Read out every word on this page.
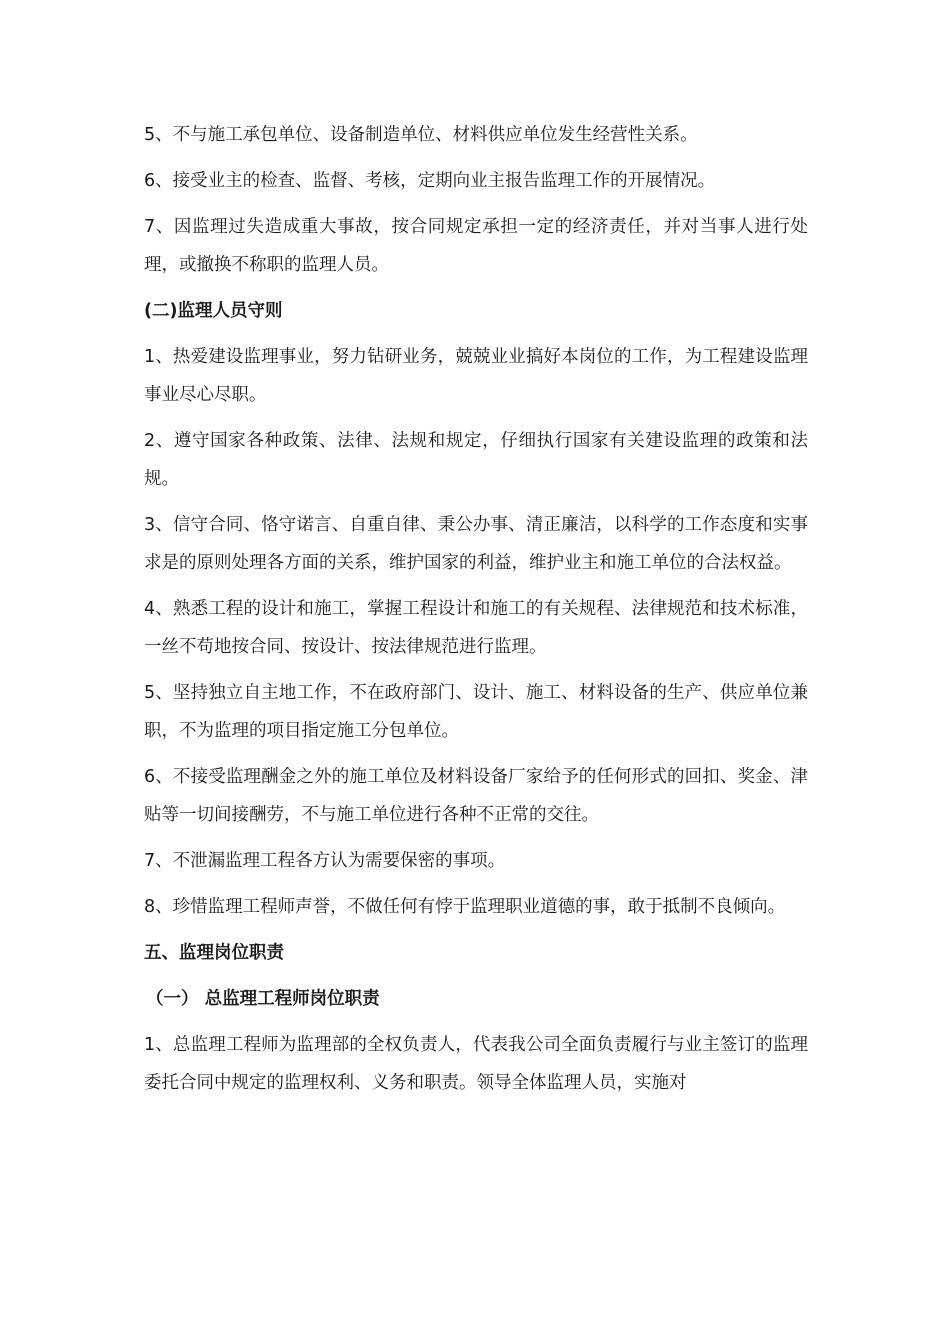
5、不与施工承包单位、设备制造单位、材料供应单位发生经营性关系。

6、接受业主的检查、监督、考核，定期向业主报告监理工作的开展情况。

7、因监理过失造成重大事故，按合同规定承担一定的经济责任，并对当事人进行处理，或撤换不称职的监理人员。

(二)监理人员守则

1、热爱建设监理事业，努力钻研业务，兢兢业业搞好本岗位的工作，为工程建设监理事业尽心尽职。

2、遵守国家各种政策、法律、法规和规定，仔细执行国家有关建设监理的政策和法规。

3、信守合同、恪守诺言、自重自律、秉公办事、清正廉洁，以科学的工作态度和实事求是的原则处理各方面的关系，维护国家的利益，维护业主和施工单位的合法权益。

4、熟悉工程的设计和施工，掌握工程设计和施工的有关规程、法律规范和技术标准，一丝不苟地按合同、按设计、按法律规范进行监理。

5、坚持独立自主地工作，不在政府部门、设计、施工、材料设备的生产、供应单位兼职，不为监理的项目指定施工分包单位。

6、不接受监理酬金之外的施工单位及材料设备厂家给予的任何形式的回扣、奖金、津贴等一切间接酬劳，不与施工单位进行各种不正常的交往。

7、不泄漏监理工程各方认为需要保密的事项。

8、珍惜监理工程师声誉，不做任何有悖于监理职业道德的事，敢于抵制不良倾向。

五、监理岗位职责

（一） 总监理工程师岗位职责

1、总监理工程师为监理部的全权负责人，代表我公司全面负责履行与业主签订的监理委托合同中规定的监理权利、义务和职责。领导全体监理人员，实施对
